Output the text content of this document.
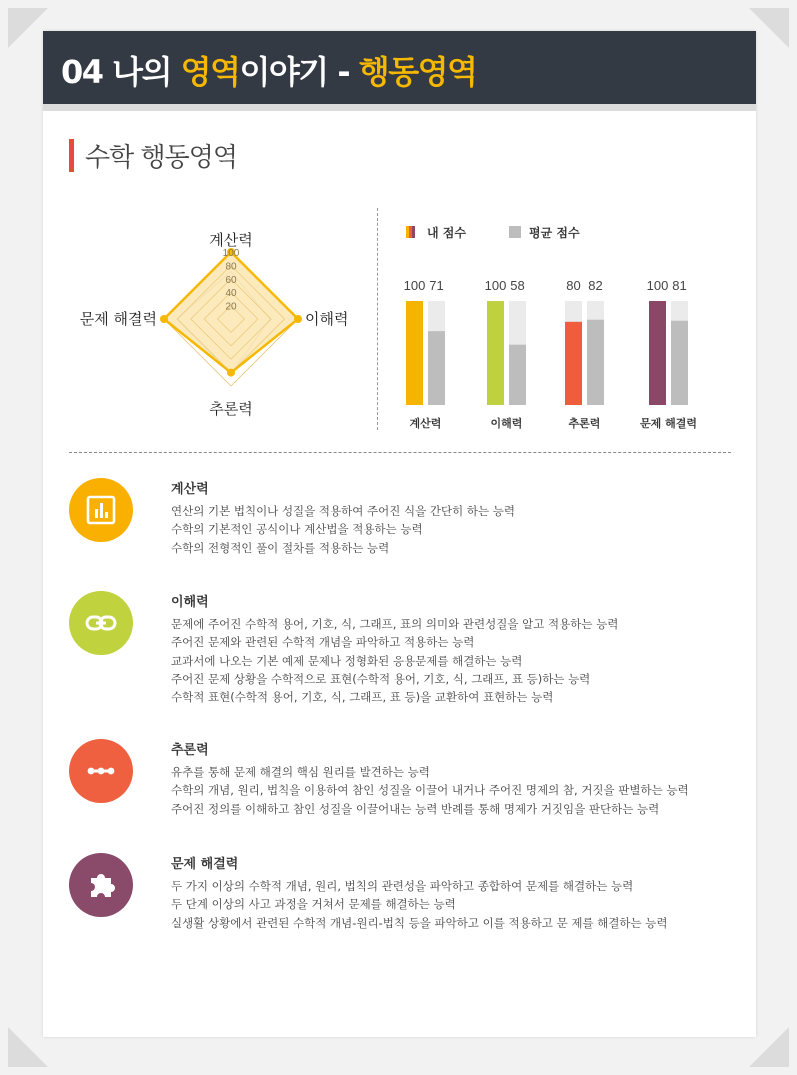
04 나의 영역이야기 - 행동영역
수학 행동영역
100
80
60
40
20
계산력
이해력
추론력
문제 해결력
내 점수	평균 점수
100 71
계산력
100 58
이해력
80 82
추론력
100 81
문제 해결력
계산력
연산의 기본 법칙이나 성질을 적용하여 주어진 식을 간단히 하는 능력
수학의 기본적인 공식이나 계산법을 적용하는 능력
수학의 전형적인 풀이 절차를 적용하는 능력
이해력
문제에 주어진 수학적 용어, 기호, 식, 그래프, 표의 의미와 관련성질을 알고 적용하는 능력
주어진 문제와 관련된 수학적 개념을 파악하고 적용하는 능력
교과서에 나오는 기본 예제 문제나 정형화된 응용문제를 해결하는 능력
주어진 문제 상황을 수학적으로 표현(수학적 용어, 기호, 식, 그래프, 표 등)하는 능력
수학적 표현(수학적 용어, 기호, 식, 그래프, 표 등)을 교환하여 표현하는 능력
추론력
유추를 통해 문제 해결의 핵심 원리를 발견하는 능력
수학의 개념, 원리, 법칙을 이용하여 참인 성질을 이끌어 내거나 주어진 명제의 참, 거짓을 판별하는 능력
주어진 정의를 이해하고 참인 성질을 이끌어내는 능력 반례를 통해 명제가 거짓임을 판단하는 능력
문제 해결력
두 가지 이상의 수학적 개념, 원리, 법칙의 관련성을 파악하고 종합하여 문제를 해결하는 능력
두 단계 이상의 사고 과정을 거쳐서 문제를 해결하는 능력
실생활 상황에서 관련된 수학적 개념-원리-법칙 등을 파악하고 이를 적용하고 문 제를 해결하는 능력
